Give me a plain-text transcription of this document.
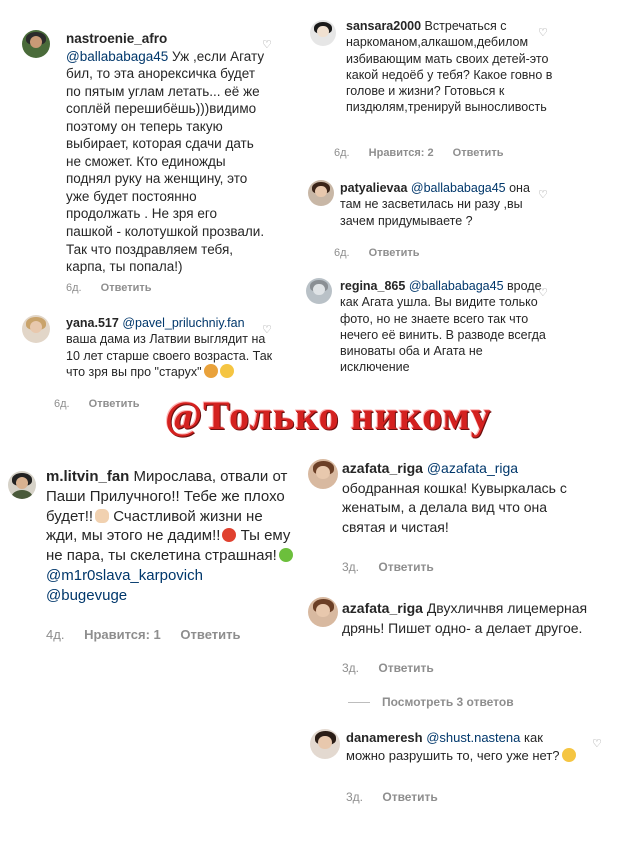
nastroenie_afro
@ballababaga45 Уж ,если Агату бил, то эта анорексичка будет по пятым углам летать... её же соплёй перешибёшь)))видимо поэтому он теперь такую выбирает, которая сдачи дать не сможет. Кто единожды поднял руку на женщину, это уже будет постоянно продолжать . Не зря его пашкой - колотушкой прозвали. Так что поздравляем тебя, карпа, ты попала!)
♡
6д. Ответить
yana.517 @pavel_priluchniy.fan ваша дама из Латвии выглядит на 10 лет старше своего возраста. Так что зря вы про "старух"
♡
6д. Ответить
sansara2000 Встречаться с наркоманом,алкашом,дебилом избивающим мать своих детей-это какой недоёб у тебя? Какое говно в голове и жизни? Готовься к пиздюлям,тренируй выносливость
♡
6д. Нравится: 2 Ответить
patyalievaa @ballababaga45 она там не засветилась ни разу ,вы зачем придумываете ?
♡
6д. Ответить
regina_865 @ballababaga45 вроде как Агата ушла. Вы видите только фото, но не знаете всего так что нечего её винить. В разводе всегда виноваты оба и Агата не исключение
♡
@Только никому
m.litvin_fan Мирослава, отвали от Паши Прилучного!! Тебе же плохо будет!! Счастливой жизни не жди, мы этого не дадим!! Ты ему не пара, ты скелетина страшная!
@m1r0slava_karpovich
@bugevuge
4д. Нравится: 1 Ответить
azafata_riga @azafata_riga ободранная кошка! Кувыркалась с женатым, а делала вид что она святая и чистая!
3д. Ответить
azafata_riga Двухличнвя лицемерная дрянь! Пишет одно- а делает другое.
3д. Ответить
Посмотреть 3 ответов
danameresh @shust.nastena как можно разрушить то, чего уже нет?
♡
3д. Ответить
